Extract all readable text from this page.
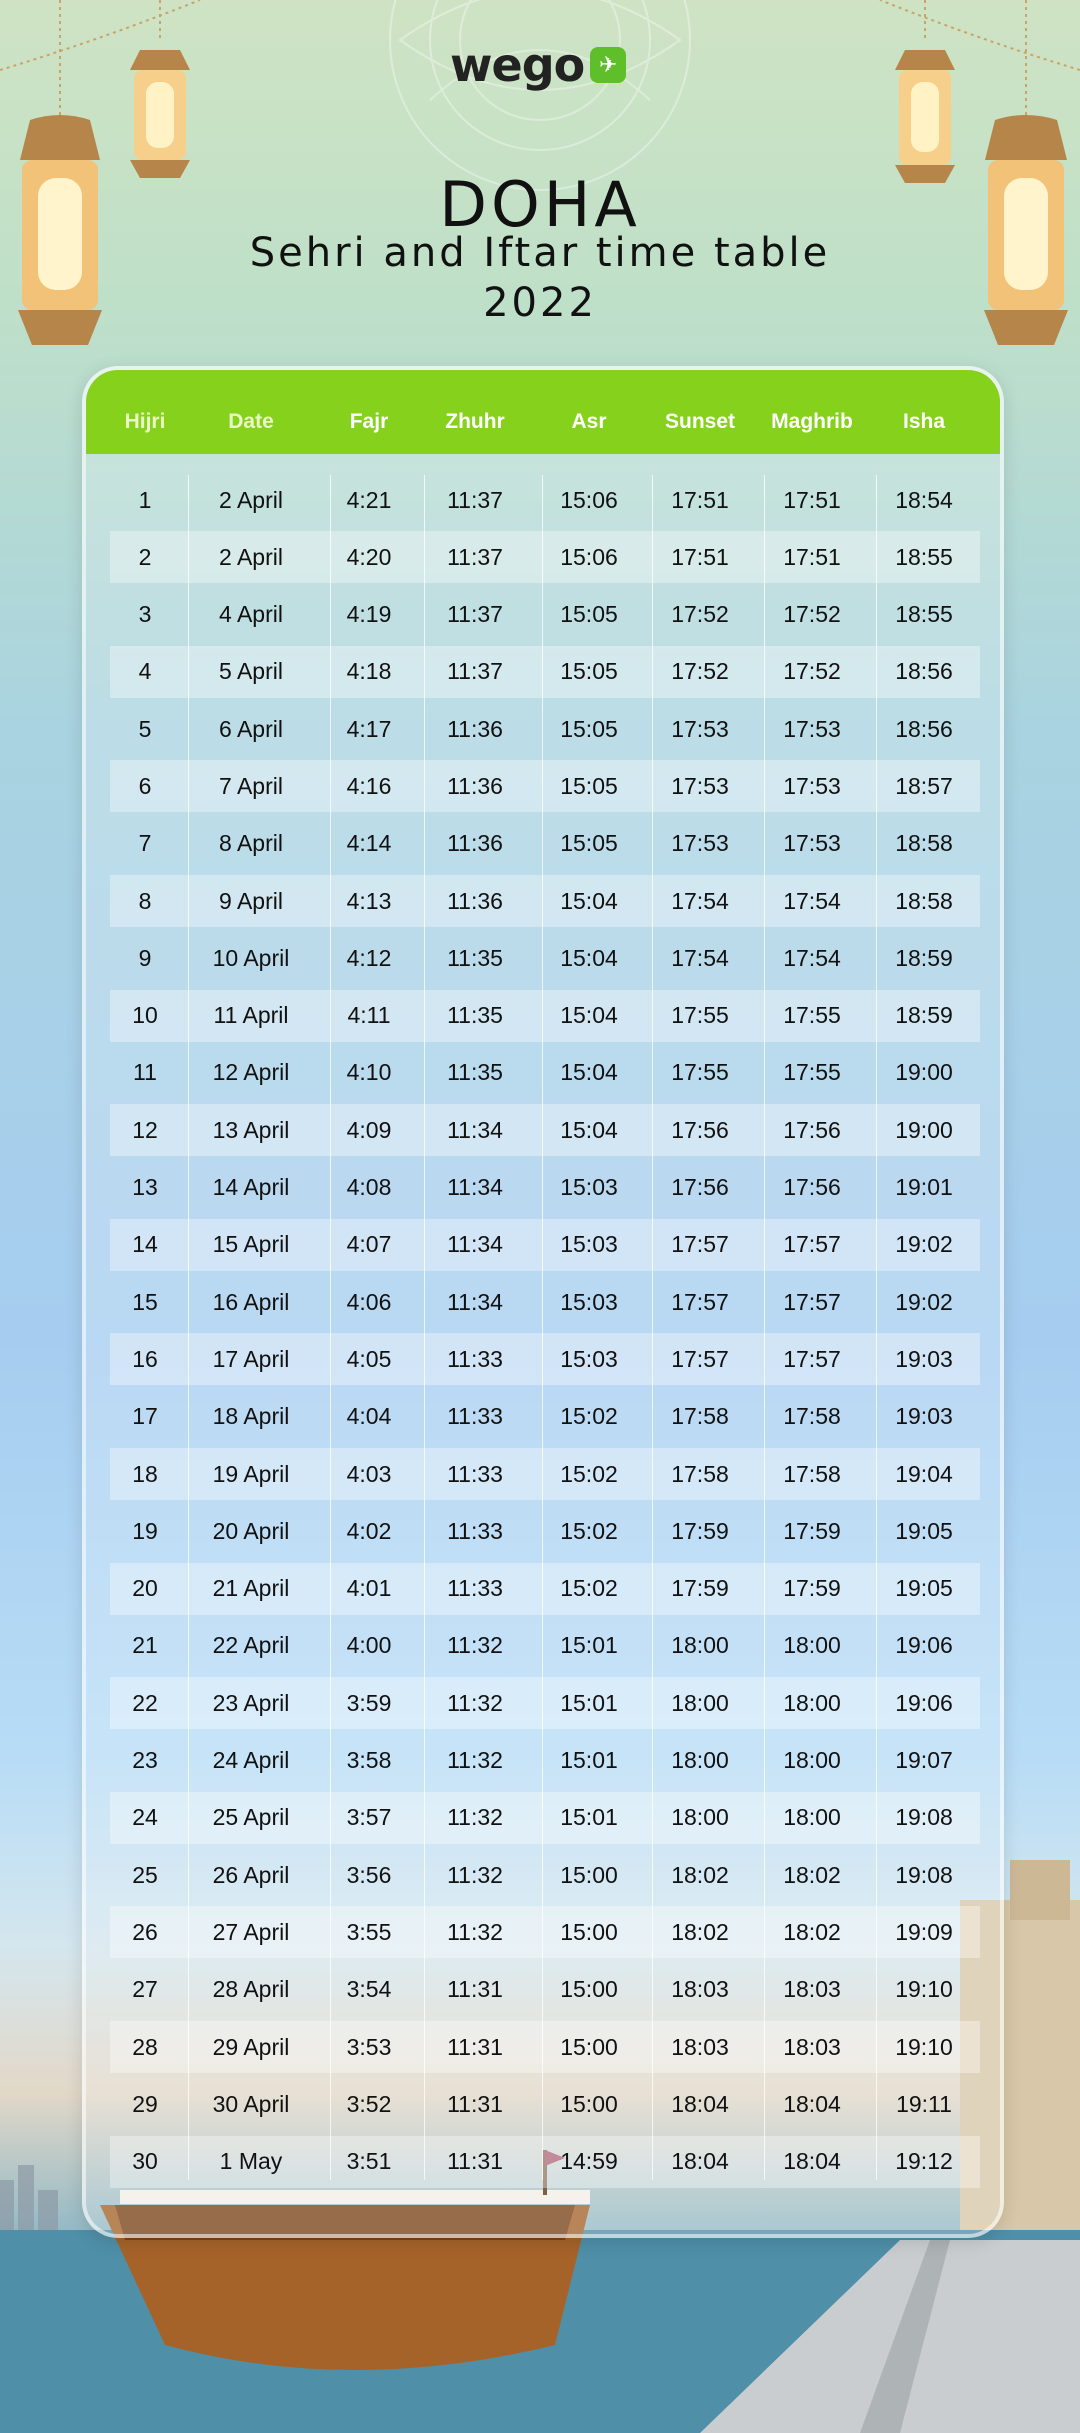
wego ✈
DOHA
Sehri and Iftar time table
2022
Hijri	Date	Fajr	Zhuhr	Asr	Sunset	Maghrib	Isha
1	2 April	4:21	11:37	15:06	17:51	17:51	18:54
2	2 April	4:20	11:37	15:06	17:51	17:51	18:55
3	4 April	4:19	11:37	15:05	17:52	17:52	18:55
4	5 April	4:18	11:37	15:05	17:52	17:52	18:56
5	6 April	4:17	11:36	15:05	17:53	17:53	18:56
6	7 April	4:16	11:36	15:05	17:53	17:53	18:57
7	8 April	4:14	11:36	15:05	17:53	17:53	18:58
8	9 April	4:13	11:36	15:04	17:54	17:54	18:58
9	10 April	4:12	11:35	15:04	17:54	17:54	18:59
10	11 April	4:11	11:35	15:04	17:55	17:55	18:59
11	12 April	4:10	11:35	15:04	17:55	17:55	19:00
12	13 April	4:09	11:34	15:04	17:56	17:56	19:00
13	14 April	4:08	11:34	15:03	17:56	17:56	19:01
14	15 April	4:07	11:34	15:03	17:57	17:57	19:02
15	16 April	4:06	11:34	15:03	17:57	17:57	19:02
16	17 April	4:05	11:33	15:03	17:57	17:57	19:03
17	18 April	4:04	11:33	15:02	17:58	17:58	19:03
18	19 April	4:03	11:33	15:02	17:58	17:58	19:04
19	20 April	4:02	11:33	15:02	17:59	17:59	19:05
20	21 April	4:01	11:33	15:02	17:59	17:59	19:05
21	22 April	4:00	11:32	15:01	18:00	18:00	19:06
22	23 April	3:59	11:32	15:01	18:00	18:00	19:06
23	24 April	3:58	11:32	15:01	18:00	18:00	19:07
24	25 April	3:57	11:32	15:01	18:00	18:00	19:08
25	26 April	3:56	11:32	15:00	18:02	18:02	19:08
26	27 April	3:55	11:32	15:00	18:02	18:02	19:09
27	28 April	3:54	11:31	15:00	18:03	18:03	19:10
28	29 April	3:53	11:31	15:00	18:03	18:03	19:10
29	30 April	3:52	11:31	15:00	18:04	18:04	19:11
30	1 May	3:51	11:31	14:59	18:04	18:04	19:12
